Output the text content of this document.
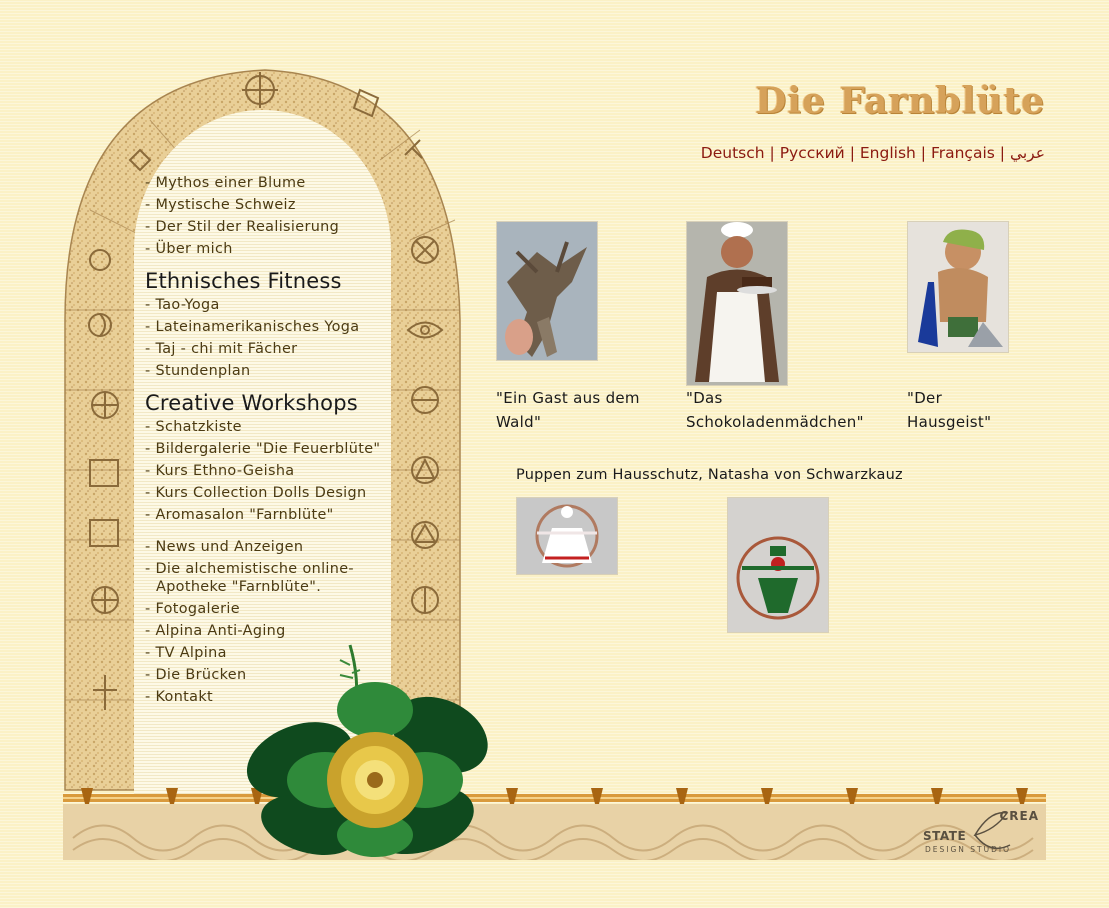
- Mythos einer Blume
- Mystische Schweiz
- Der Stil der Realisierung
- Über mich
Ethnisches Fitness
- Tao-Yoga
- Lateinamerikanisches Yoga
- Taj - chi mit Fächer
- Stundenplan
Creative Workshops
- Schatzkiste
- Bildergalerie "Die Feuerblüte"
- Kurs Ethno-Geisha
- Kurs Collection Dolls Design
- Aromasalon "Farnblüte"
- News und Anzeigen
- Die alchemistische online-Apotheke "Farnblüte".
- Fotogalerie
- Alpina Anti-Aging
- TV Alpina
- Die Brücken
- Kontakt
Die Farnblüte
Deutsch | Русский | English | Français | عربي
"Ein Gast aus dem Wald"
"Das Schokoladenmädchen"
"Der Hausgeist"
Puppen zum Hausschutz, Natasha von Schwarzkauz
CREA
STATE
DESIGN STUDIO
